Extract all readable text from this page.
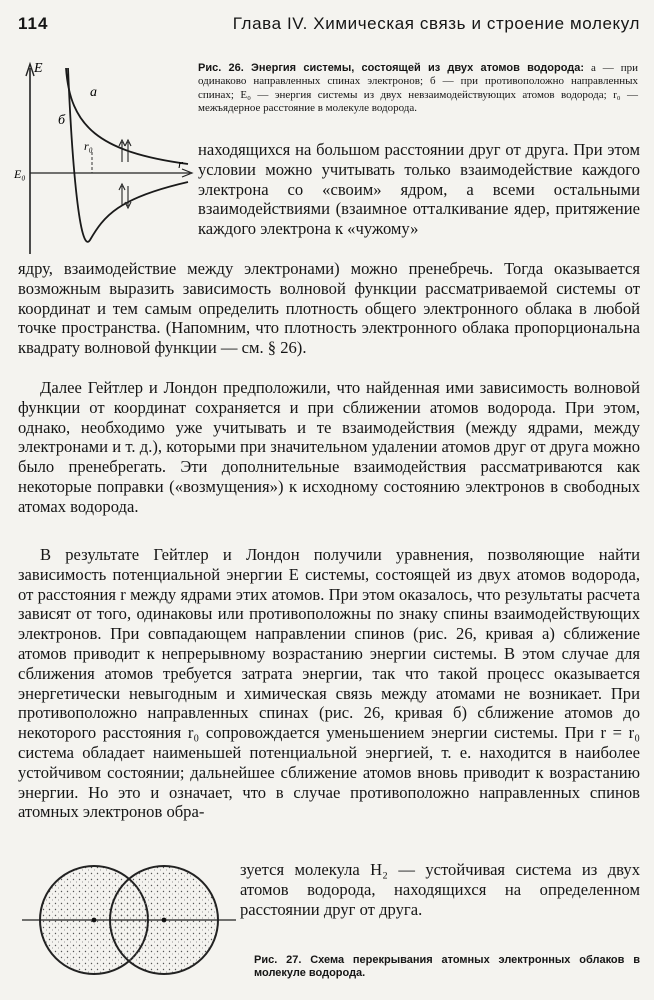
114	Глава IV. Химическая связь и строение молекул
E
а
б
r₀
E₀
r
Рис. 26. Энергия системы, состоящей из двух атомов водорода: а — при одинаково направленных спинах электронов; б — при противоположно направленных спинах; E₀ — энергия системы из двух невзаимодействующих атомов водорода; r₀ — межъядерное расстояние в молекуле водорода.

находящихся на большом расстоянии друг от друга. При этом условии можно учитывать только взаимодействие каждого электрона со «своим» ядром, а всеми остальными взаимодействиями (взаимное отталкивание ядер, притяжение каждого электрона к «чужому»

ядру, взаимодействие между электронами) можно пренебречь. Тогда оказывается возможным выразить зависимость волновой функции рассматриваемой системы от координат и тем самым определить плотность общего электронного облака в любой точке пространства. (Напомним, что плотность электронного облака пропорциональна квадрату волновой функции — см. § 26).

Далее Гейтлер и Лондон предположили, что найденная ими зависимость волновой функции от координат сохраняется и при сближении атомов водорода. При этом, однако, необходимо уже учитывать и те взаимодействия (между ядрами, между электронами и т. д.), которыми при значительном удалении атомов друг от друга можно было пренебрегать. Эти дополнительные взаимодействия рассматриваются как некоторые поправки («возмущения») к исходному состоянию электронов в свободных атомах водорода.

В результате Гейтлер и Лондон получили уравнения, позволяющие найти зависимость потенциальной энергии E системы, состоящей из двух атомов водорода, от расстояния r между ядрами этих атомов. При этом оказалось, что результаты расчета зависят от того, одинаковы или противоположны по знаку спины взаимодействующих электронов. При совпадающем направлении спинов (рис. 26, кривая а) сближение атомов приводит к непрерывному возрастанию энергии системы. В этом случае для сближения атомов требуется затрата энергии, так что такой процесс оказывается энергетически невыгодным и химическая связь между атомами не возникает. При противоположно направленных спинах (рис. 26, кривая б) сближение атомов до некоторого расстояния r₀ сопровождается уменьшением энергии системы. При r = r₀ система обладает наименьшей потенциальной энергией, т. е. находится в наиболее устойчивом состоянии; дальнейшее сближение атомов вновь приводит к возрастанию энергии. Но это и означает, что в случае противоположно направленных спинов атомных электронов обра-

зуется молекула H₂ — устойчивая система из двух атомов водорода, находящихся на определенном расстоянии друг от друга.

Рис. 27. Схема перекрывания атомных электронных облаков в молекуле водорода.
